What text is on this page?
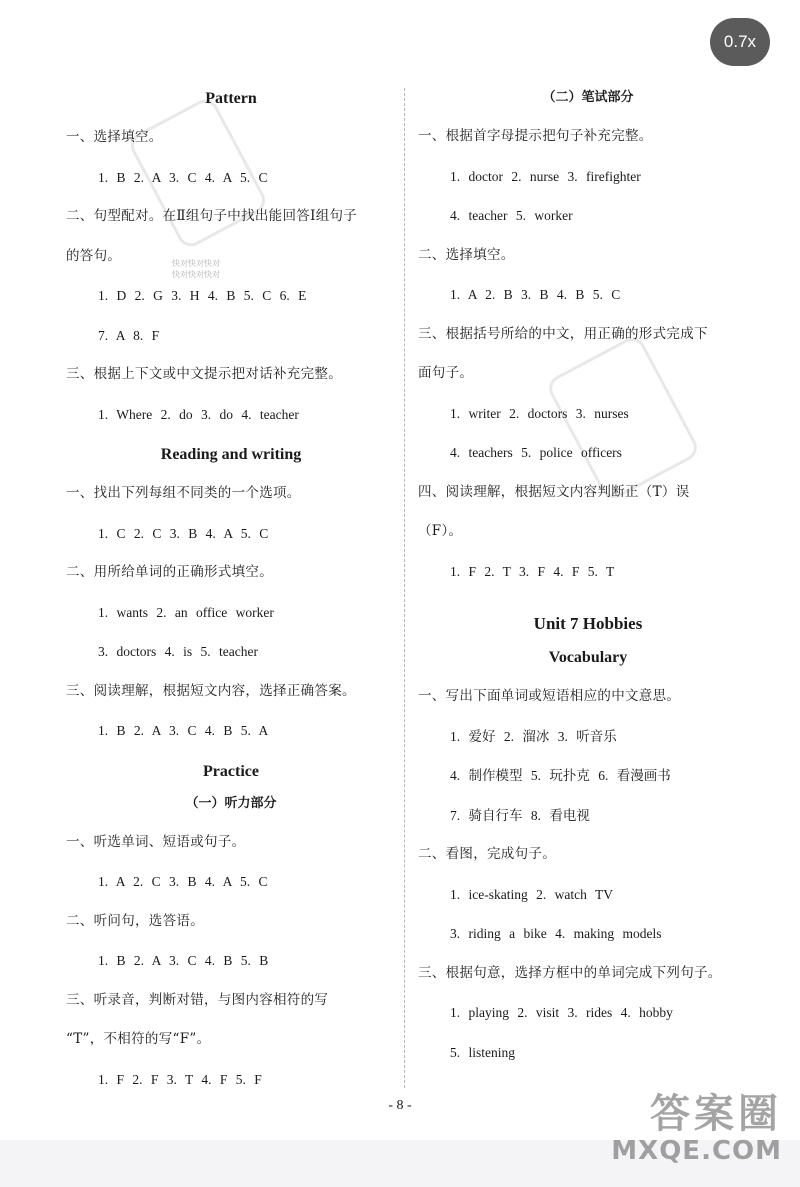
快对快对快对
快对快对快对
Pattern
一、选择填空。
1. B 2. A 3. C 4. A 5. C
二、句型配对。在Ⅱ组句子中找出能回答Ⅰ组句子
的答句。
1. D 2. G 3. H 4. B 5. C 6. E
7. A 8. F
三、根据上下文或中文提示把对话补充完整。
1. Where 2. do 3. do 4. teacher
Reading and writing
一、找出下列每组不同类的一个选项。
1. C 2. C 3. B 4. A 5. C
二、用所给单词的正确形式填空。
1. wants 2. an office worker
3. doctors 4. is 5. teacher
三、阅读理解，根据短文内容，选择正确答案。
1. B 2. A 3. C 4. B 5. A
Practice
（一）听力部分
一、听选单词、短语或句子。
1. A 2. C 3. B 4. A 5. C
二、听问句，选答语。
1. B 2. A 3. C 4. B 5. B
三、听录音，判断对错，与图内容相符的写
“T”，不相符的写“F”。
1. F 2. F 3. T 4. F 5. F
（二）笔试部分
一、根据首字母提示把句子补充完整。
1. doctor 2. nurse 3. firefighter
4. teacher 5. worker
二、选择填空。
1. A 2. B 3. B 4. B 5. C
三、根据括号所给的中文，用正确的形式完成下
面句子。
1. writer 2. doctors 3. nurses
4. teachers 5. police officers
四、阅读理解，根据短文内容判断正（T）误
（F）。
1. F 2. T 3. F 4. F 5. T
Unit 7 Hobbies
Vocabulary
一、写出下面单词或短语相应的中文意思。
1. 爱好 2. 溜冰 3. 听音乐
4. 制作模型 5. 玩扑克 6. 看漫画书
7. 骑自行车 8. 看电视
二、看图，完成句子。
1. ice-skating 2. watch TV
3. riding a bike 4. making models
三、根据句意，选择方框中的单词完成下列句子。
1. playing 2. visit 3. rides 4. hobby
5. listening
- 8 -	答案圈
MXQE.COM
0.7x
